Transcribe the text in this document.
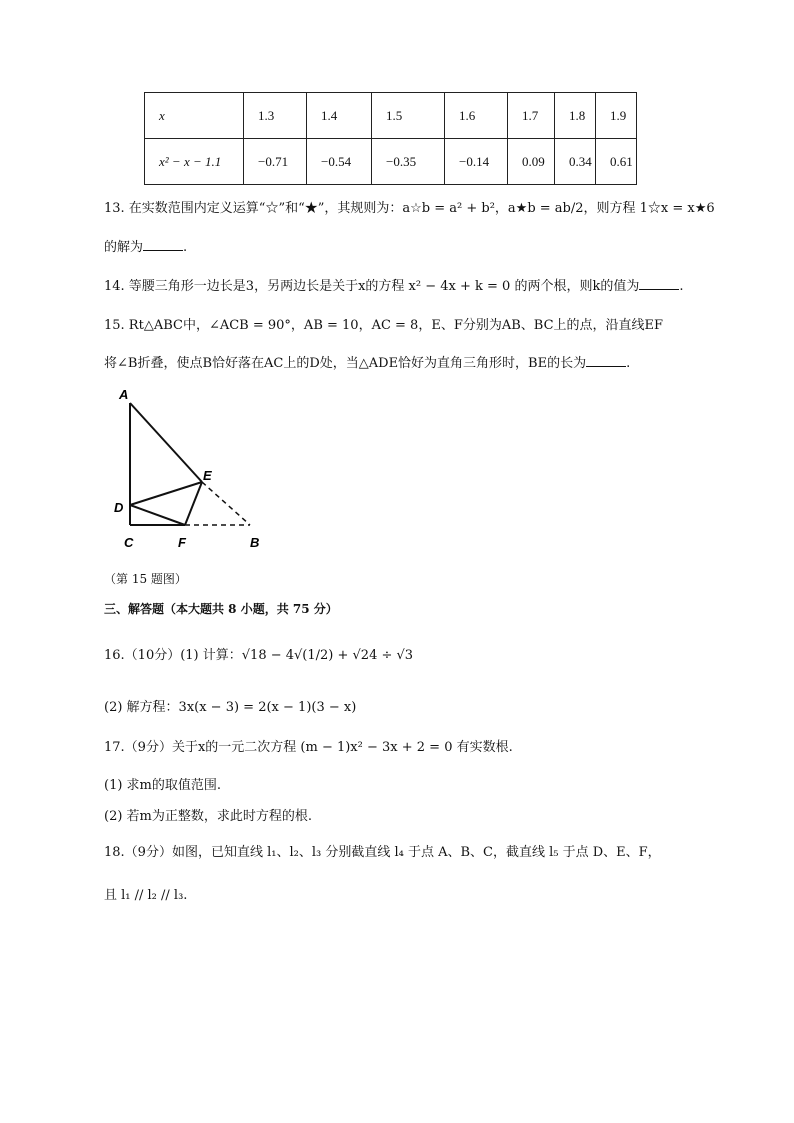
x	1.3	1.4	1.5	1.6	1.7	1.8	1.9
x² − x − 1.1	−0.71	−0.54	−0.35	−0.14	0.09	0.34	0.61
13. 在实数范围内定义运算“☆”和“★”，其规则为：a☆b = a² + b²，a★b = ab/2，则方程 1☆x = x★6
的解为	.
14. 等腰三角形一边长是3，另两边长是关于x的方程 x² − 4x + k = 0 的两个根，则k的值为	.
15. Rt△ABC中，∠ACB = 90°，AB = 10，AC = 8，E、F分别为AB、BC上的点，沿直线EF
将∠B折叠，使点B恰好落在AC上的D处，当△ADE恰好为直角三角形时，BE的长为	.
A
E
D
C	F	B
（第 15 题图）
三、解答题（本大题共 8 小题，共 75 分）
16.（10分）(1) 计算：√18 − 4√(1/2) + √24 ÷ √3
(2) 解方程：3x(x − 3) = 2(x − 1)(3 − x)
17.（9分）关于x的一元二次方程 (m − 1)x² − 3x + 2 = 0 有实数根.
(1) 求m的取值范围.
(2) 若m为正整数，求此时方程的根.
18.（9分）如图，已知直线 l₁、l₂、l₃ 分别截直线 l₄ 于点 A、B、C，截直线 l₅ 于点 D、E、F，
且 l₁ // l₂ // l₃.
